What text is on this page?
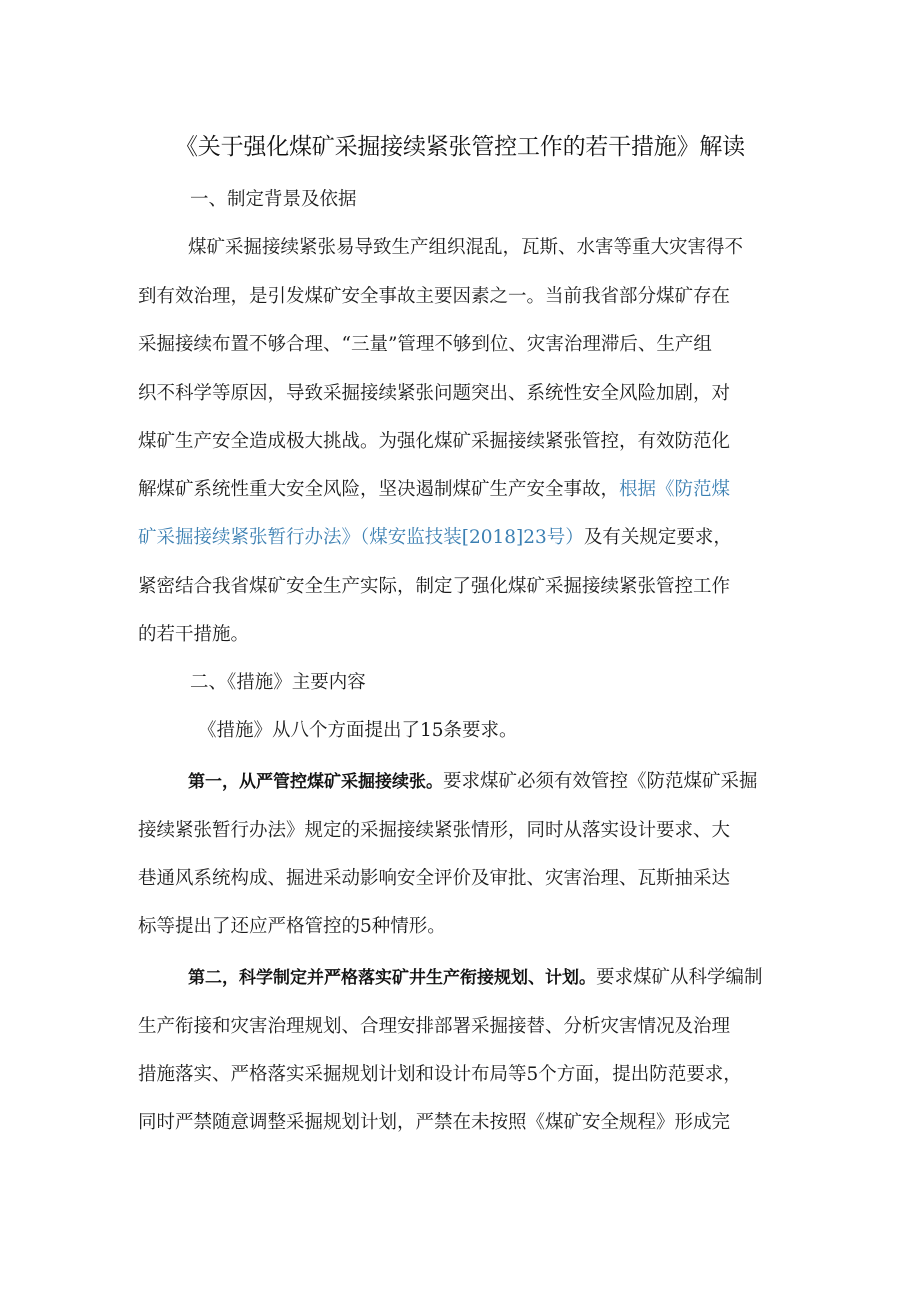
《关于强化煤矿采掘接续紧张管控工作的若干措施》解读
一、制定背景及依据
煤矿采掘接续紧张易导致生产组织混乱，瓦斯、水害等重大灾害得不
到有效治理，是引发煤矿安全事故主要因素之一。当前我省部分煤矿存在
采掘接续布置不够合理、“三量”管理不够到位、灾害治理滞后、生产组
织不科学等原因，导致采掘接续紧张问题突出、系统性安全风险加剧，对
煤矿生产安全造成极大挑战。为强化煤矿采掘接续紧张管控，有效防范化
解煤矿系统性重大安全风险，坚决遏制煤矿生产安全事故，根据《防范煤
矿采掘接续紧张暂行办法》（煤安监技装[2018]23号）及有关规定要求，
紧密结合我省煤矿安全生产实际，制定了强化煤矿采掘接续紧张管控工作
的若干措施。
二、《措施》主要内容
《措施》从八个方面提出了15条要求。
第一，从严管控煤矿采掘接续张。要求煤矿必须有效管控《防范煤矿采掘
接续紧张暂行办法》规定的采掘接续紧张情形，同时从落实设计要求、大
巷通风系统构成、掘进采动影响安全评价及审批、灾害治理、瓦斯抽采达
标等提出了还应严格管控的5种情形。
第二，科学制定并严格落实矿井生产衔接规划、计划。要求煤矿从科学编制
生产衔接和灾害治理规划、合理安排部署采掘接替、分析灾害情况及治理
措施落实、严格落实采掘规划计划和设计布局等5个方面，提出防范要求，
同时严禁随意调整采掘规划计划，严禁在未按照《煤矿安全规程》形成完
